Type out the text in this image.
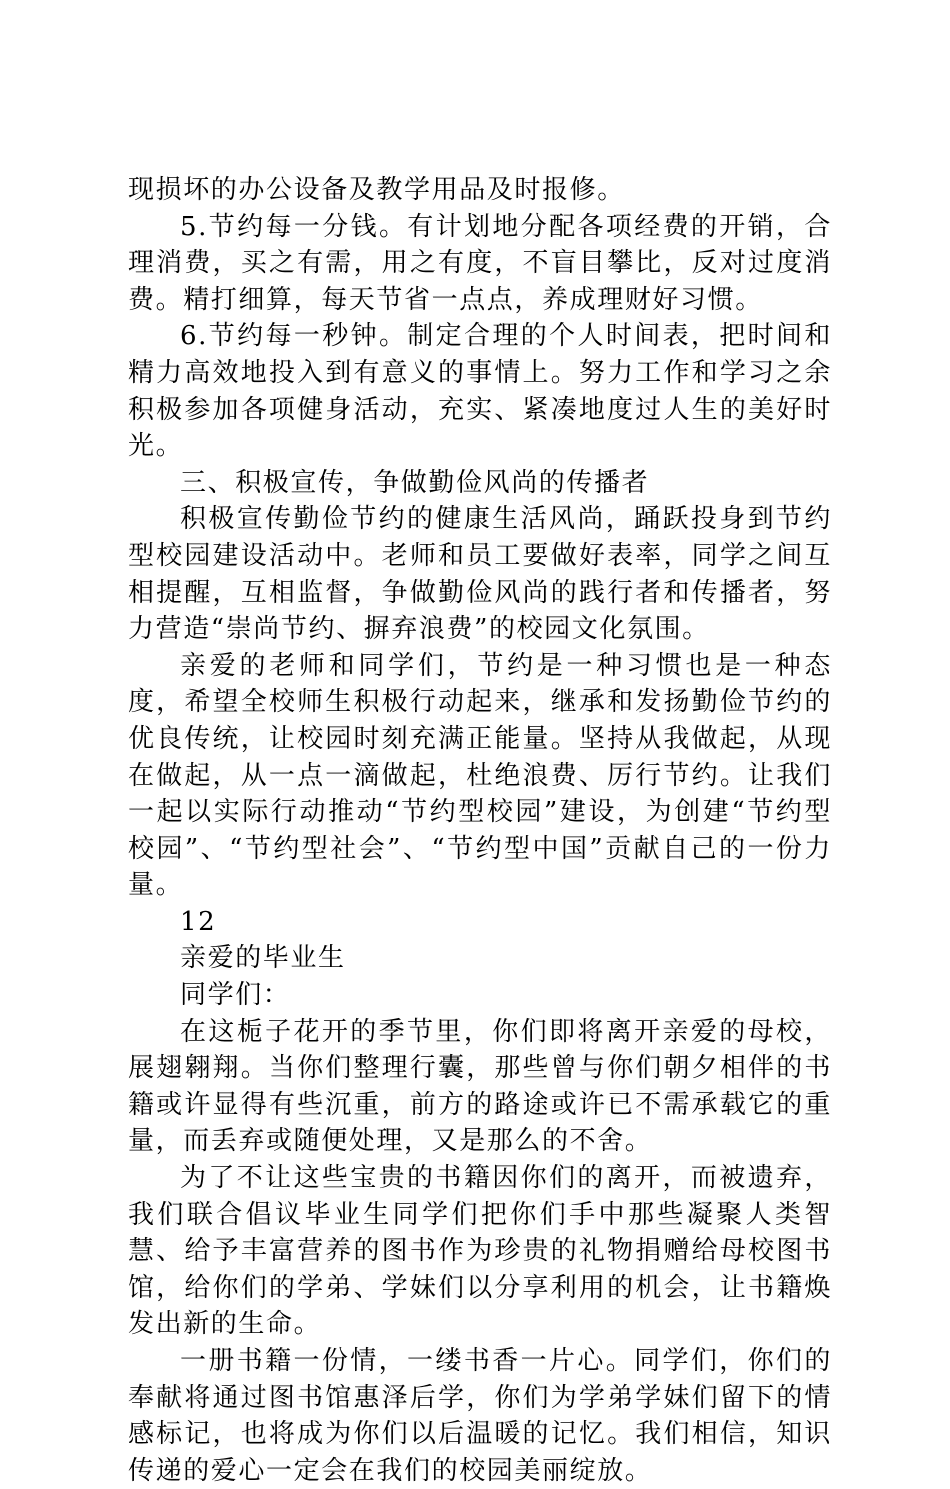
现损坏的办公设备及教学用品及时报修。

5.节约每一分钱。有计划地分配各项经费的开销，合理消费，买之有需，用之有度，不盲目攀比，反对过度消费。精打细算，每天节省一点点，养成理财好习惯。

6.节约每一秒钟。制定合理的个人时间表，把时间和精力高效地投入到有意义的事情上。努力工作和学习之余积极参加各项健身活动，充实、紧凑地度过人生的美好时光。

三、积极宣传，争做勤俭风尚的传播者

积极宣传勤俭节约的健康生活风尚，踊跃投身到节约型校园建设活动中。老师和员工要做好表率，同学之间互相提醒，互相监督，争做勤俭风尚的践行者和传播者，努力营造“崇尚节约、摒弃浪费”的校园文化氛围。

亲爱的老师和同学们，节约是一种习惯也是一种态度，希望全校师生积极行动起来，继承和发扬勤俭节约的优良传统，让校园时刻充满正能量。坚持从我做起，从现在做起，从一点一滴做起，杜绝浪费、厉行节约。让我们一起以实际行动推动“节约型校园”建设，为创建“节约型校园”、“节约型社会”、“节约型中国”贡献自己的一份力量。

12

亲爱的毕业生

同学们：

在这栀子花开的季节里，你们即将离开亲爱的母校，展翅翱翔。当你们整理行囊，那些曾与你们朝夕相伴的书籍或许显得有些沉重，前方的路途或许已不需承载它的重量，而丢弃或随便处理，又是那么的不舍。

为了不让这些宝贵的书籍因你们的离开，而被遗弃，我们联合倡议毕业生同学们把你们手中那些凝聚人类智慧、给予丰富营养的图书作为珍贵的礼物捐赠给母校图书馆，给你们的学弟、学妹们以分享利用的机会，让书籍焕发出新的生命。

一册书籍一份情，一缕书香一片心。同学们，你们的奉献将通过图书馆惠泽后学，你们为学弟学妹们留下的情感标记，也将成为你们以后温暖的记忆。我们相信，知识传递的爱心一定会在我们的校园美丽绽放。
